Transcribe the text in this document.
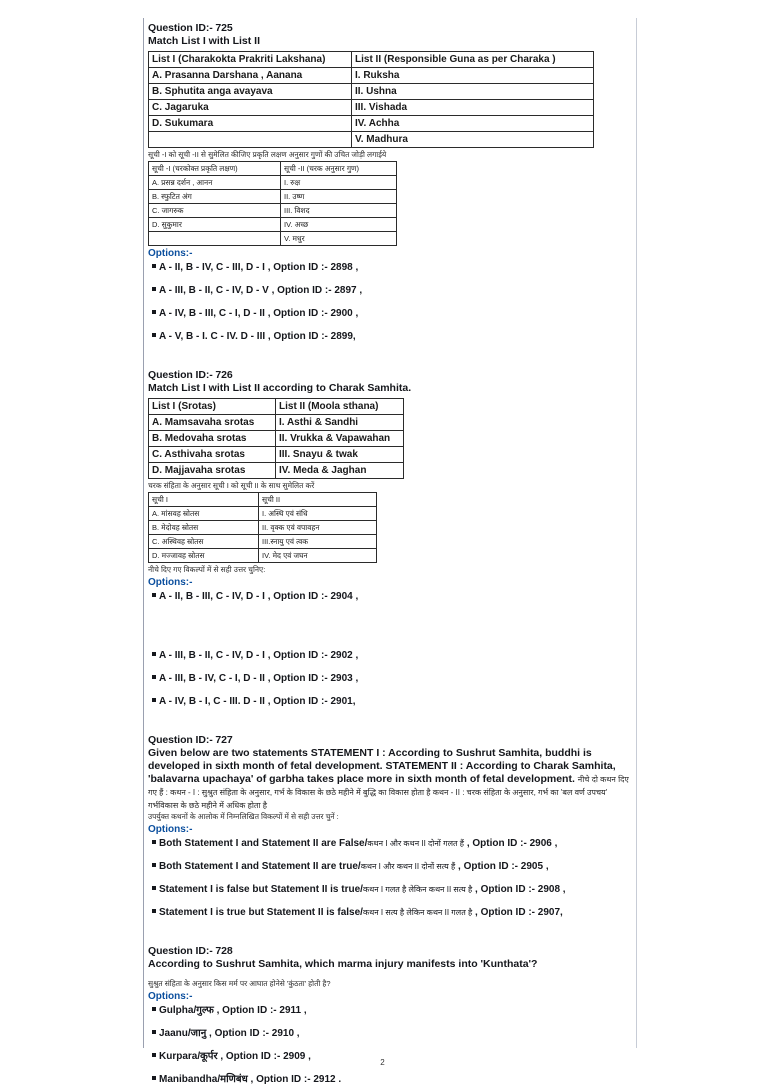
Question ID:- 725
Match List I with List II
List I (Charakokta Prakriti Lakshana)	List II (Responsible Guna as per Charaka )
A. Prasanna Darshana , Aanana	I. Ruksha
B. Sphutita anga avayava	II. Ushna
C. Jagaruka	III. Vishada
D. Sukumara	IV. Achha
	V. Madhura
सूची -I को सूची -II से सुमेलित कीजिए प्रकृति लक्षण अनुसार गुणों की उचित जोड़ी लगाईये
सूची -I (चरकोक्त प्रकृति लक्षण)	सूची -II (चरक अनुसार गुण)
A. प्रसन्न दर्शन , आनन	I. रुक्ष
B. स्फुटित अंग	II. उष्ण
C. जागरुक	III. विशद
D. सुकुमार	IV. अच्छ
	V. मधुर
Options:-
A - II, B - IV, C - III, D - I , Option ID :- 2898 ,
A - III, B - II, C - IV, D - V , Option ID :- 2897 ,
A - IV, B - III, C - I, D - II , Option ID :- 2900 ,
A - V, B - I. C - IV. D - III , Option ID :- 2899,
Question ID:- 726
Match List I with List II according to Charak Samhita.
List I (Srotas)	List II (Moola sthana)
A. Mamsavaha srotas	I. Asthi & Sandhi
B. Medovaha srotas	II. Vrukka & Vapawahan
C. Asthivaha srotas	III. Snayu & twak
D. Majjavaha srotas	IV. Meda & Jaghan
चरक संहिता के अनुसार सूची I को सूची II के साथ सुमेलित करें
सूची I	सूची II
A. मांसवह स्रोतस	I. अस्थि एवं संधि
B. मेदोवह स्रोतस	II. वृक्क एवं वपावहन
C. अस्थिवह स्रोतस	III.स्नायु एवं त्वक
D. मज्जावह स्रोतस	IV. मेद एवं जघन
नीचे दिए गए विकल्पों में से सही उत्तर चुनिए:
Options:-
A - II, B - III, C - IV, D - I , Option ID :- 2904 ,
A - III, B - II, C - IV, D - I , Option ID :- 2902 ,
A - III, B - IV, C - I, D - II , Option ID :- 2903 ,
A - IV, B - I, C - III. D - II , Option ID :- 2901,
Question ID:- 727
Given below are two statements STATEMENT I : According to Sushrut Samhita, buddhi is developed in sixth month of fetal development. STATEMENT II : According to Charak Samhita, 'balavarna upachaya' of garbha takes place more in sixth month of fetal development. नीचे दो कथन दिए गए हैं : कथन - I : सुश्रुत संहिता के अनुसार, गर्भ के विकास के छठे महीने में बुद्धि का विकास होता है कथन - II : चरक संहिता के अनुसार, गर्भ का 'बल वर्ण उपचय' गर्भविकास के छठे महीने में अधिक होता है
उपर्युक्त कथनों के आलोक में निम्नलिखित विकल्पों में से सही उत्तर चुनें :
Options:-
Both Statement I and Statement II are False/कथन I और कथन II दोनों गलत हैं , Option ID :- 2906 ,
Both Statement I and Statement II are true/कथन I और कथन II दोनों सत्य हैं , Option ID :- 2905 ,
Statement I is false but Statement II is true/कथन I गलत है लेकिन कथन II सत्य है , Option ID :- 2908 ,
Statement I is true but Statement II is false/कथन I सत्य है लेकिन कथन II गलत है , Option ID :- 2907,
Question ID:- 728
According to Sushrut Samhita, which marma injury manifests into 'Kunthata'?
सुश्रुत संहिता के अनुसार किस मर्म पर आघात होनेसे 'कुंठता' होती है?
Options:-
Gulpha/गुल्फ , Option ID :- 2911 ,
Jaanu/जानु , Option ID :- 2910 ,
Kurpara/कूर्पर , Option ID :- 2909 ,
Manibandha/मणिबंध , Option ID :- 2912 .
2
